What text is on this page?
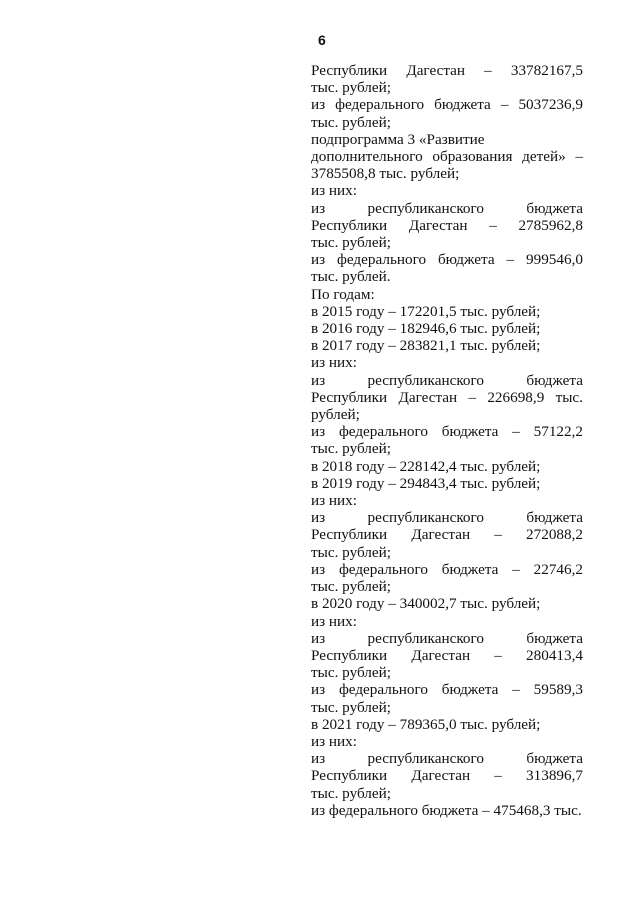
6
Республики Дагестан – 33782167,5
тыс. рублей;
из федерального бюджета – 5037236,9
тыс. рублей;
подпрограмма 3 «Развитие
дополнительного образования детей» –
3785508,8 тыс. рублей;
из них:
из	республиканского	бюджета
Республики Дагестан – 2785962,8
тыс. рублей;
из федерального бюджета – 999546,0
тыс. рублей.
По годам:
в 2015 году – 172201,5 тыс. рублей;
в 2016 году – 182946,6 тыс. рублей;
в 2017 году – 283821,1 тыс. рублей;
из них:
из	республиканского	бюджета
Республики Дагестан – 226698,9 тыс.
рублей;
из федерального бюджета – 57122,2
тыс. рублей;
в 2018 году – 228142,4 тыс. рублей;
в 2019 году – 294843,4 тыс. рублей;
из них:
из	республиканского	бюджета
Республики Дагестан – 272088,2
тыс. рублей;
из федерального бюджета – 22746,2
тыс. рублей;
в 2020 году – 340002,7 тыс. рублей;
из них:
из	республиканского	бюджета
Республики Дагестан – 280413,4
тыс. рублей;
из федерального бюджета – 59589,3
тыс. рублей;
в 2021 году – 789365,0 тыс. рублей;
из них:
из	республиканского	бюджета
Республики Дагестан – 313896,7
тыс. рублей;
из федерального бюджета – 475468,3 тыс.
